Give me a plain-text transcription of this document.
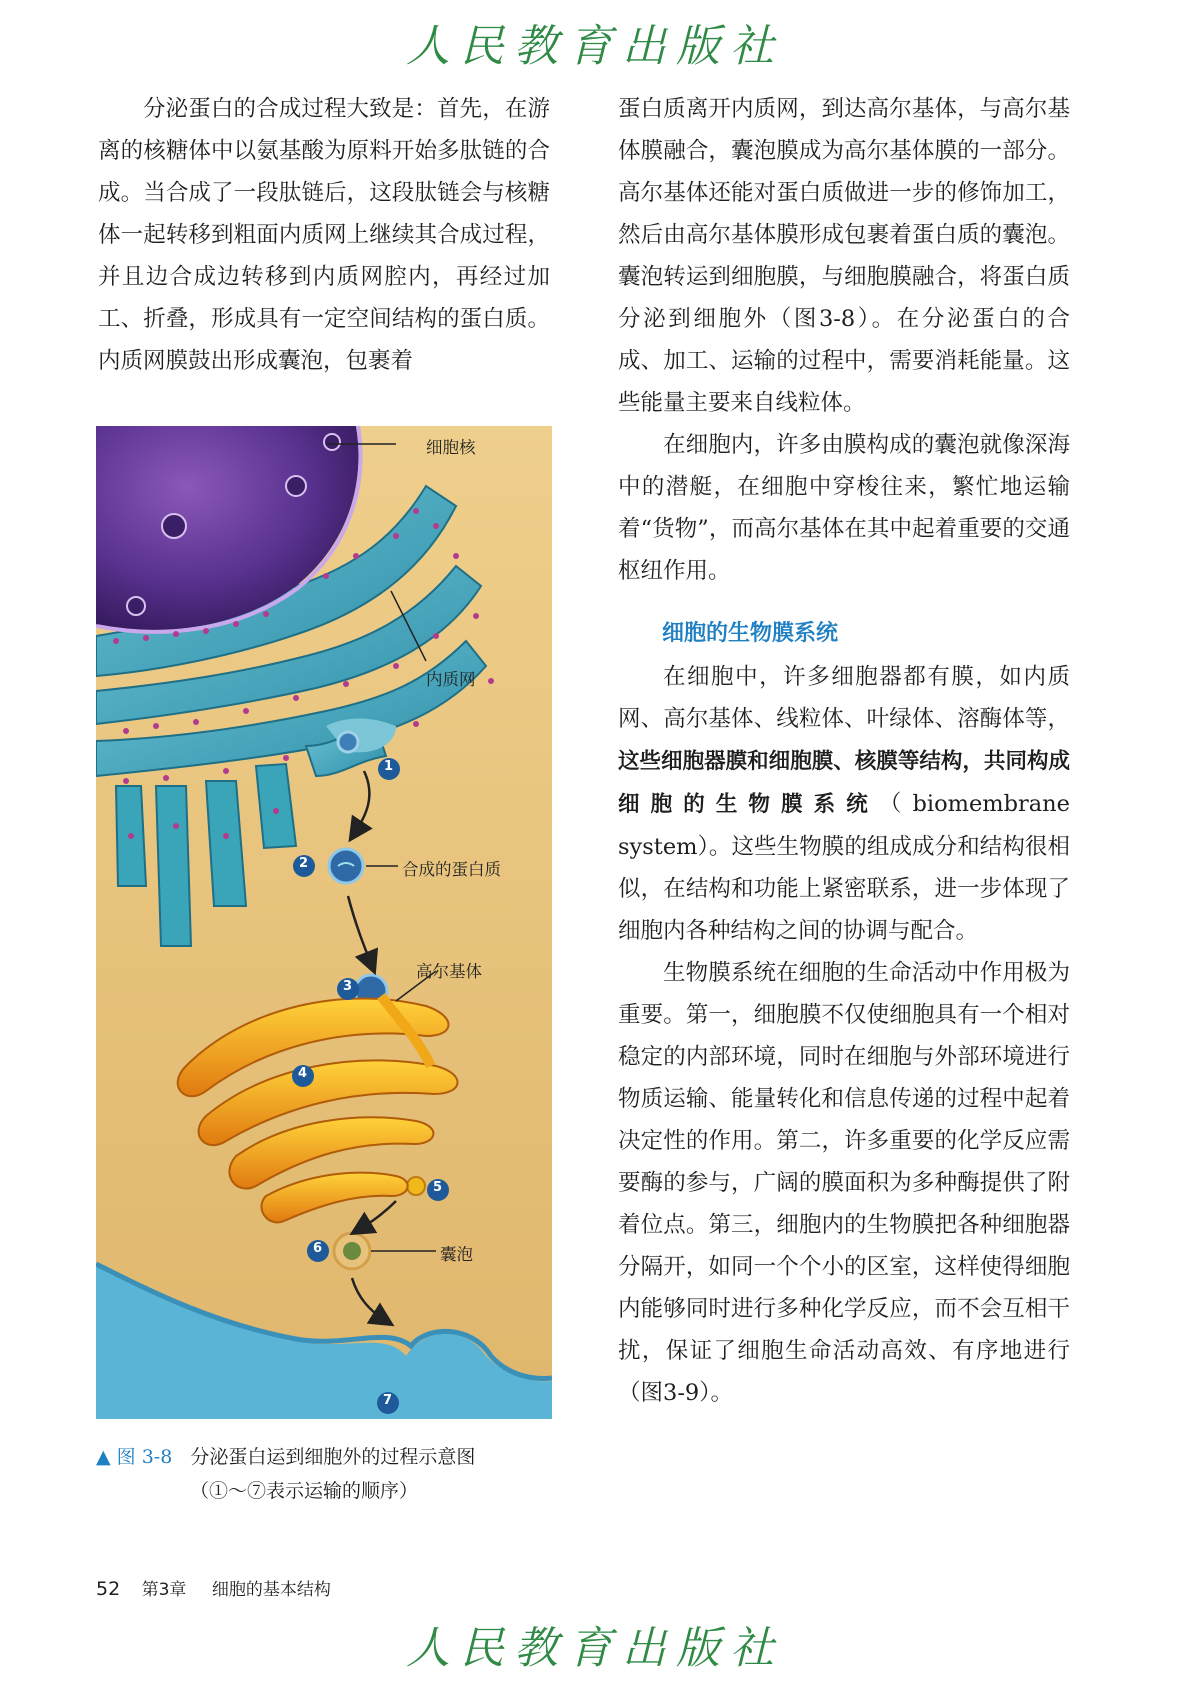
人民教育出版社

分泌蛋白的合成过程大致是：首先，在游离的核糖体中以氨基酸为原料开始多肽链的合成。当合成了一段肽链后，这段肽链会与核糖体一起转移到粗面内质网上继续其合成过程，并且边合成边转移到内质网腔内，再经过加工、折叠，形成具有一定空间结构的蛋白质。内质网膜鼓出形成囊泡，包裹着

细胞核
内质网
合成的蛋白质
高尔基体
囊泡
1
2
3
4
5
6
7
▲ 图 3-8 分泌蛋白运到细胞外的过程示意图
（①～⑦表示运输的顺序）

蛋白质离开内质网，到达高尔基体，与高尔基体膜融合，囊泡膜成为高尔基体膜的一部分。高尔基体还能对蛋白质做进一步的修饰加工，然后由高尔基体膜形成包裹着蛋白质的囊泡。囊泡转运到细胞膜，与细胞膜融合，将蛋白质分泌到细胞外（图3-8）。在分泌蛋白的合成、加工、运输的过程中，需要消耗能量。这些能量主要来自线粒体。

在细胞内，许多由膜构成的囊泡就像深海中的潜艇，在细胞中穿梭往来，繁忙地运输着“货物”，而高尔基体在其中起着重要的交通枢纽作用。

细胞的生物膜系统

在细胞中，许多细胞器都有膜，如内质网、高尔基体、线粒体、叶绿体、溶酶体等，这些细胞器膜和细胞膜、核膜等结构，共同构成细胞的生物膜系统（biomembrane system）。这些生物膜的组成成分和结构很相似，在结构和功能上紧密联系，进一步体现了细胞内各种结构之间的协调与配合。

生物膜系统在细胞的生命活动中作用极为重要。第一，细胞膜不仅使细胞具有一个相对稳定的内部环境，同时在细胞与外部环境进行物质运输、能量转化和信息传递的过程中起着决定性的作用。第二，许多重要的化学反应需要酶的参与，广阔的膜面积为多种酶提供了附着位点。第三，细胞内的生物膜把各种细胞器分隔开，如同一个个小的区室，这样使得细胞内能够同时进行多种化学反应，而不会互相干扰，保证了细胞生命活动高效、有序地进行（图3-9）。

52 第3章 细胞的基本结构
人民教育出版社
